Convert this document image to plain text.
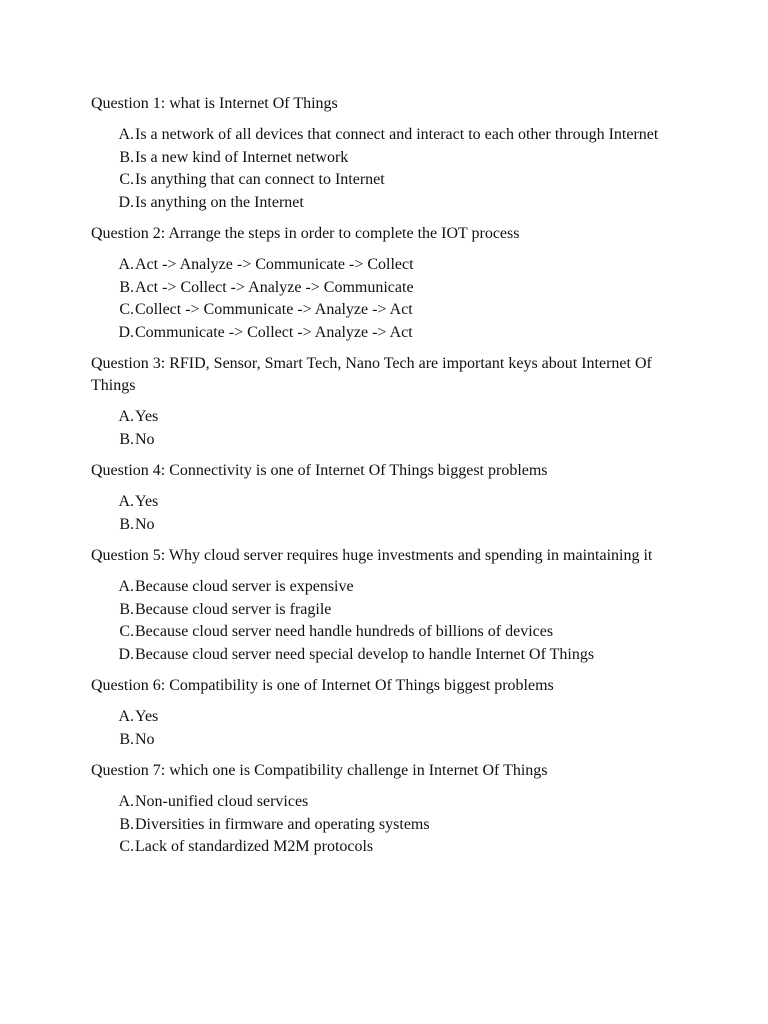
Question 1: what is Internet Of Things
A. Is a network of all devices that connect and interact to each other through Internet
B. Is a new kind of Internet network
C. Is anything that can connect to Internet
D. Is anything on the Internet
Question 2: Arrange the steps in order to complete the IOT process
A. Act -> Analyze -> Communicate -> Collect
B. Act -> Collect -> Analyze -> Communicate
C. Collect -> Communicate -> Analyze -> Act
D. Communicate -> Collect -> Analyze -> Act
Question 3: RFID, Sensor, Smart Tech, Nano Tech are important keys about Internet Of Things
A. Yes
B. No
Question 4: Connectivity is one of Internet Of Things biggest problems
A. Yes
B. No
Question 5: Why cloud server requires huge investments and spending in maintaining it
A. Because cloud server is expensive
B. Because cloud server is fragile
C. Because cloud server need handle hundreds of billions of devices
D. Because cloud server need special develop to handle Internet Of Things
Question 6: Compatibility is one of Internet Of Things biggest problems
A. Yes
B. No
Question 7: which one is Compatibility challenge in Internet Of Things
A. Non-unified cloud services
B. Diversities in firmware and operating systems
C. Lack of standardized M2M protocols
